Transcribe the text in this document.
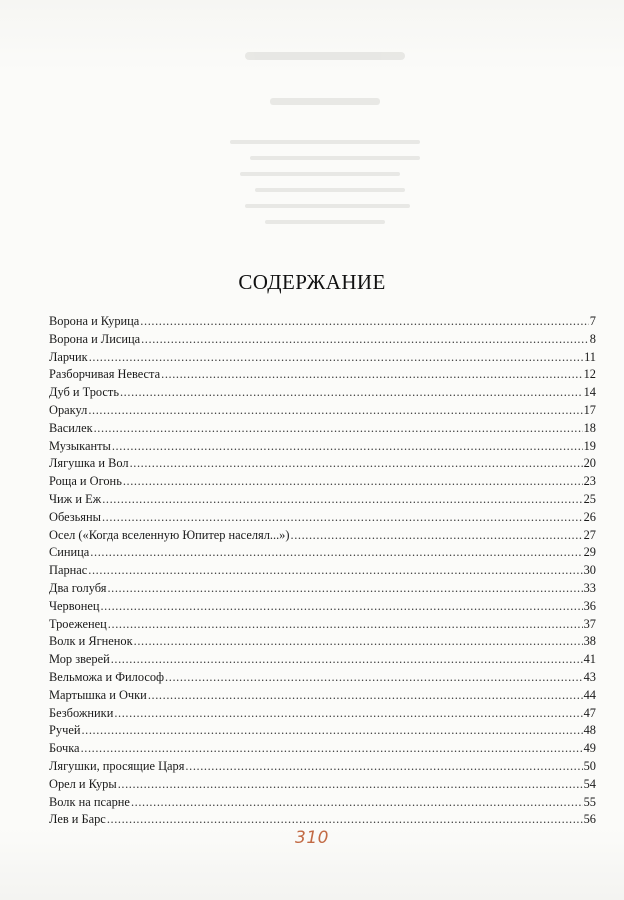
СОДЕРЖАНИЕ
Ворона и Курица .....	7
Ворона и Лисица .....	8
Ларчик .....	11
Разборчивая Невеста .....	12
Дуб и Трость .....	14
Оракул .....	17
Василек .....	18
Музыканты .....	19
Лягушка и Вол .....	20
Роща и Огонь .....	23
Чиж и Еж .....	25
Обезьяны .....	26
Осел («Когда вселенную Юпитер населял...») .....	27
Синица .....	29
Парнас .....	30
Два голубя .....	33
Червонец .....	36
Троеженец .....	37
Волк и Ягненок .....	38
Мор зверей .....	41
Вельможа и Философ .....	43
Мартышка и Очки .....	44
Безбожники .....	47
Ручей .....	48
Бочка .....	49
Лягушки, просящие Царя .....	50
Орел и Куры .....	54
Волк на псарне .....	55
Лев и Барс .....	56
310
